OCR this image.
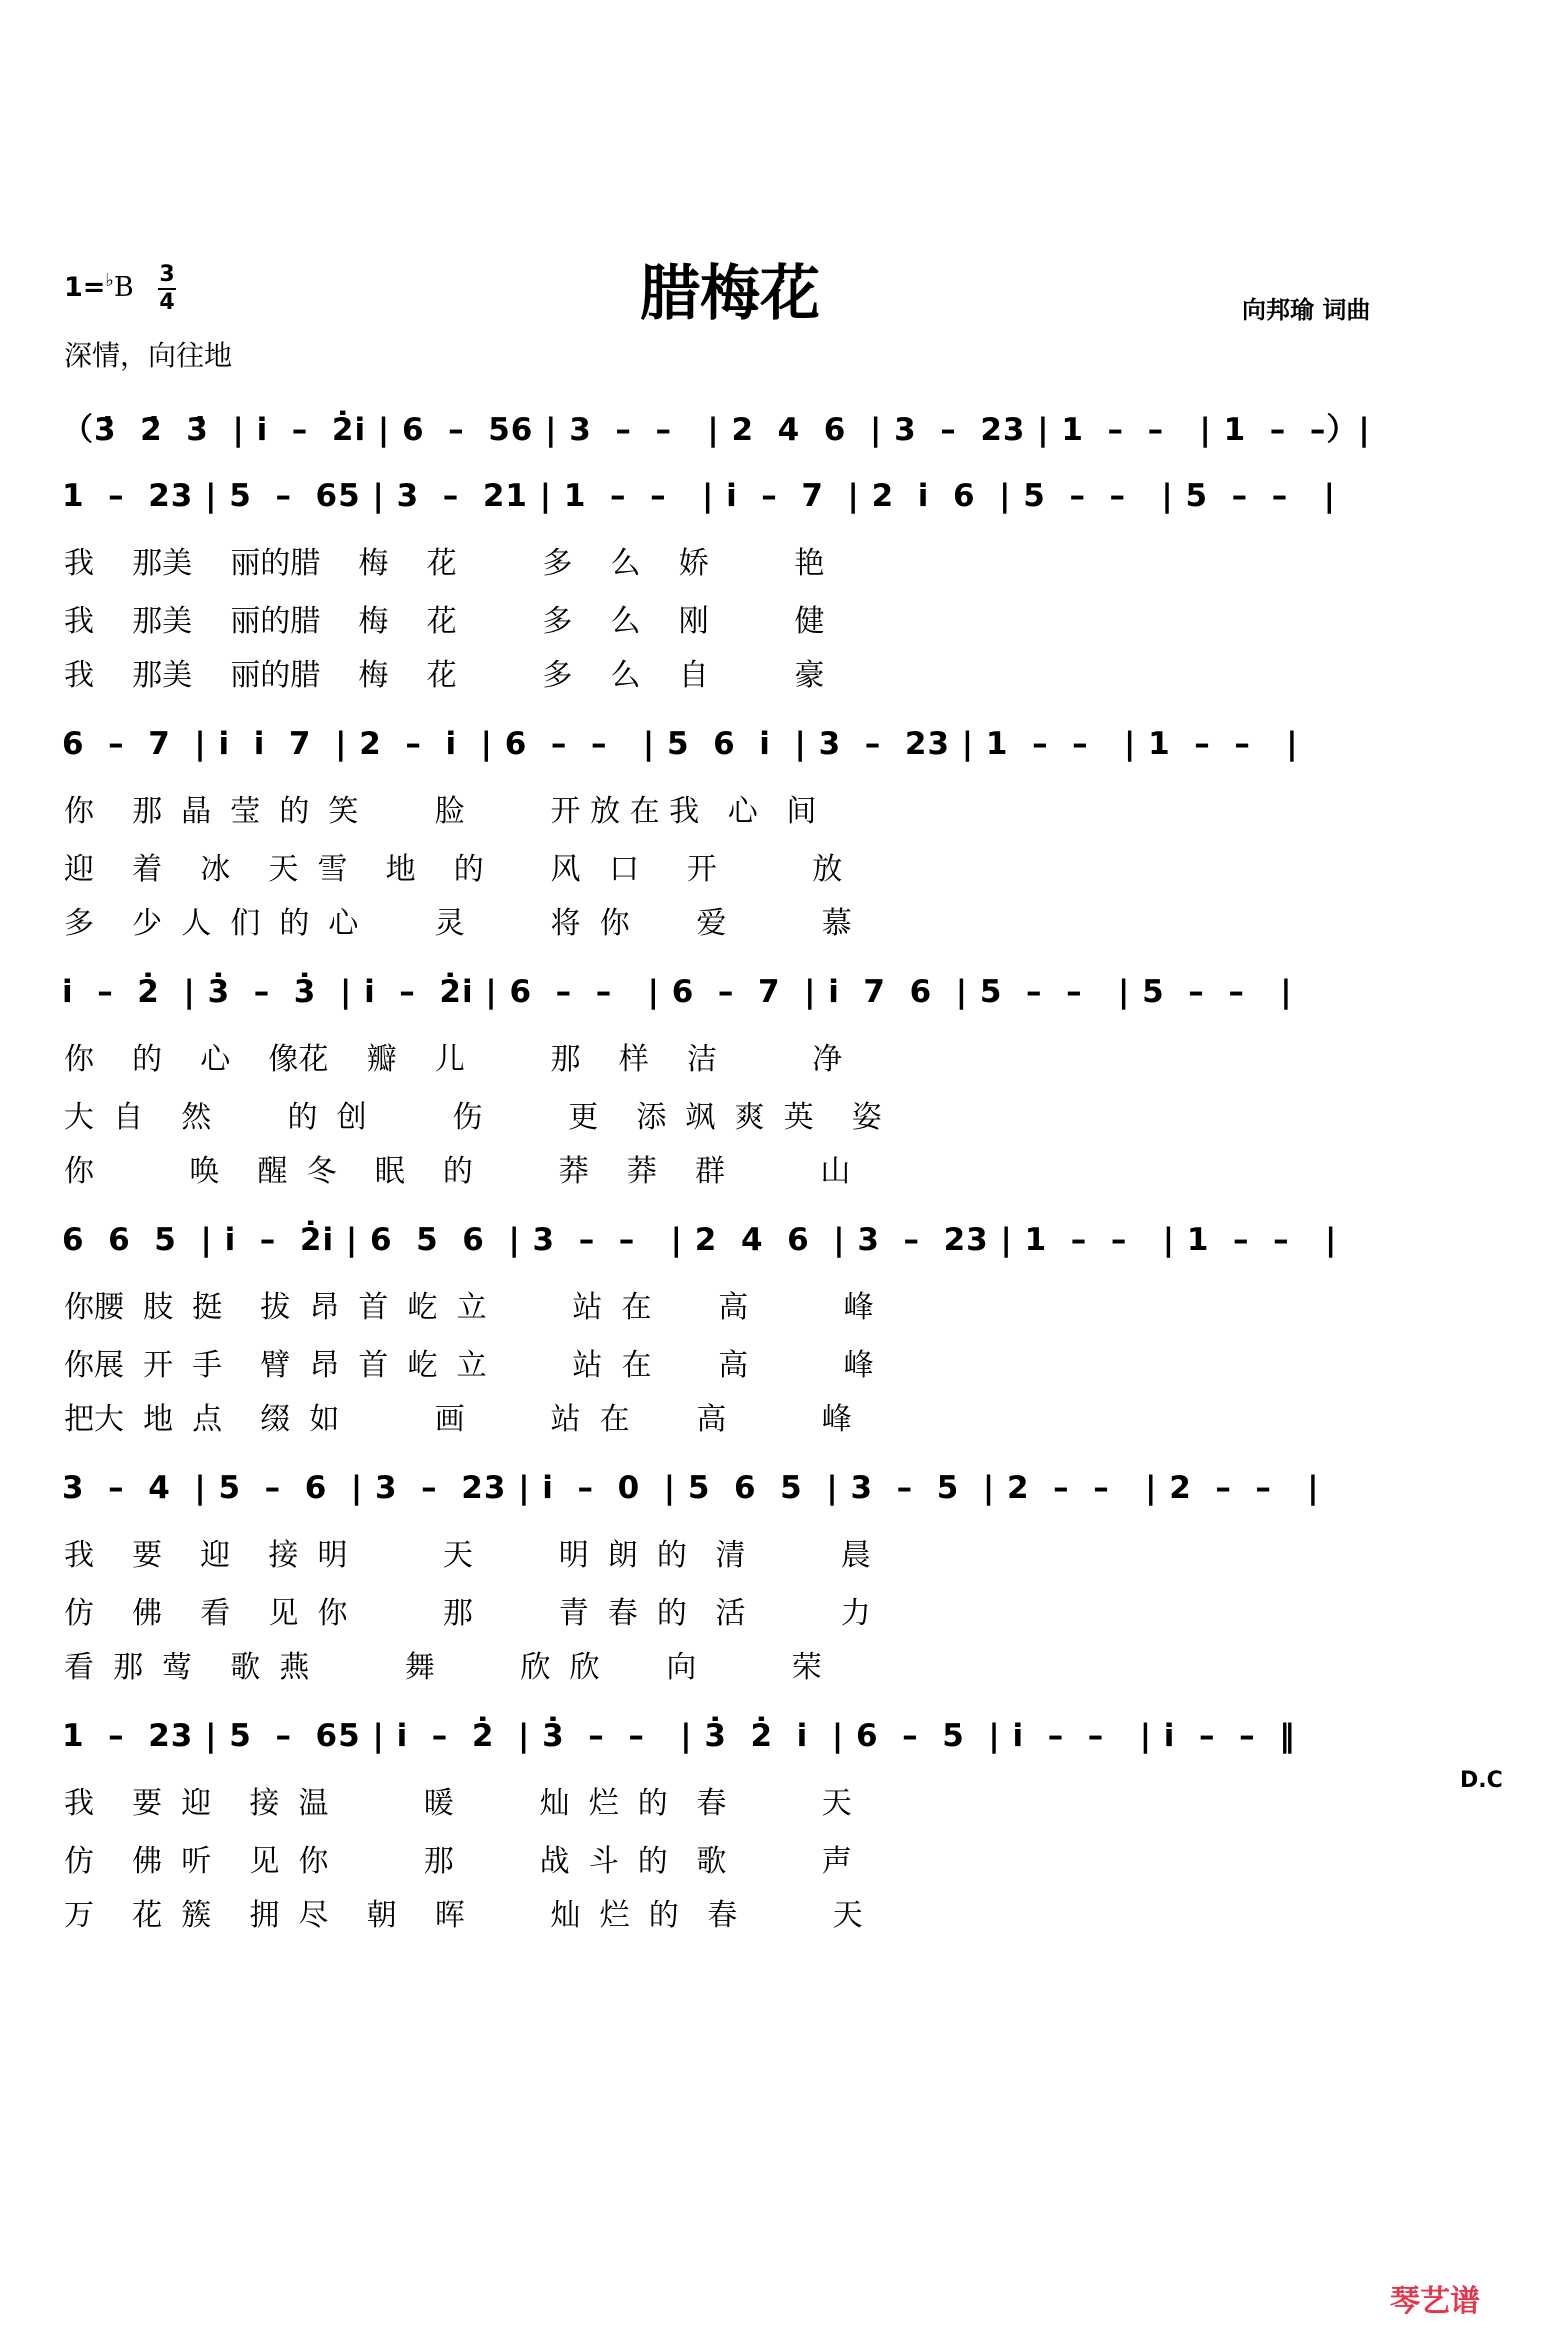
1=♭B 3
4	腊梅花	向邦瑜 词曲
深情，向往地
（3̇  2̇  3̇  | i  –  2̇i | 6  –  56 | 3  –  –   | 2  4  6  | 3  –  23 | 1  –  –   | 1  –  –）|
1  –  23 | 5  –  65 | 3  –  21 | 1  –  –   | i  –  7  | 2  i  6  | 5  –  –   | 5  –  –   |
我    那美    丽的腊    梅    花         多    么    娇         艳
我    那美    丽的腊    梅    花         多    么    刚         健
我    那美    丽的腊    梅    花         多    么    自         豪
6  –  7  | i  i  7  | 2  –  i  | 6  –  –   | 5  6  i  | 3  –  23 | 1  –  –   | 1  –  –   |
你    那  晶  莹  的  笑        脸         开 放 在 我   心   间
迎    着    冰    天  雪    地    的       风   口     开          放
多    少  人  们  的  心        灵         将  你       爱          慕
i  –  2̇  | 3̇  –  3̇  | i  –  2̇i | 6  –  –   | 6  –  7  | i  7  6  | 5  –  –   | 5  –  –   |
你    的    心    像花    瓣    儿         那    样    洁          净
大  自    然        的  创         伤         更    添  飒  爽  英    姿
你          唤    醒  冬    眠    的         莽    莽    群          山
6  6  5  | i  –  2̇i | 6  5  6  | 3  –  –   | 2  4  6  | 3  –  23 | 1  –  –   | 1  –  –   |
你腰  肢  挺    拔  昂  首  屹  立         站  在       高          峰
你展  开  手    臂  昂  首  屹  立         站  在       高          峰
把大  地  点    缀  如          画         站  在       高          峰
3  –  4  | 5  –  6  | 3  –  23 | i  –  0  | 5  6  5  | 3  –  5  | 2  –  –   | 2  –  –   |
我    要    迎    接  明          天         明  朗  的   清          晨
仿    佛    看    见  你          那         青  春  的   活          力
看  那  莺    歌  燕          舞         欣  欣       向          荣
1  –  23 | 5  –  65 | i  –  2̇  | 3̇  –  –   | 3̇  2̇  i  | 6  –  5  | i  –  –   | i  –  –  ‖
我    要  迎    接  温          暖         灿  烂  的   春          天
仿    佛  听    见  你          那         战  斗  的   歌          声
万    花  簇    拥  尽    朝    晖         灿  烂  的   春          天
D.C
琴艺谱
